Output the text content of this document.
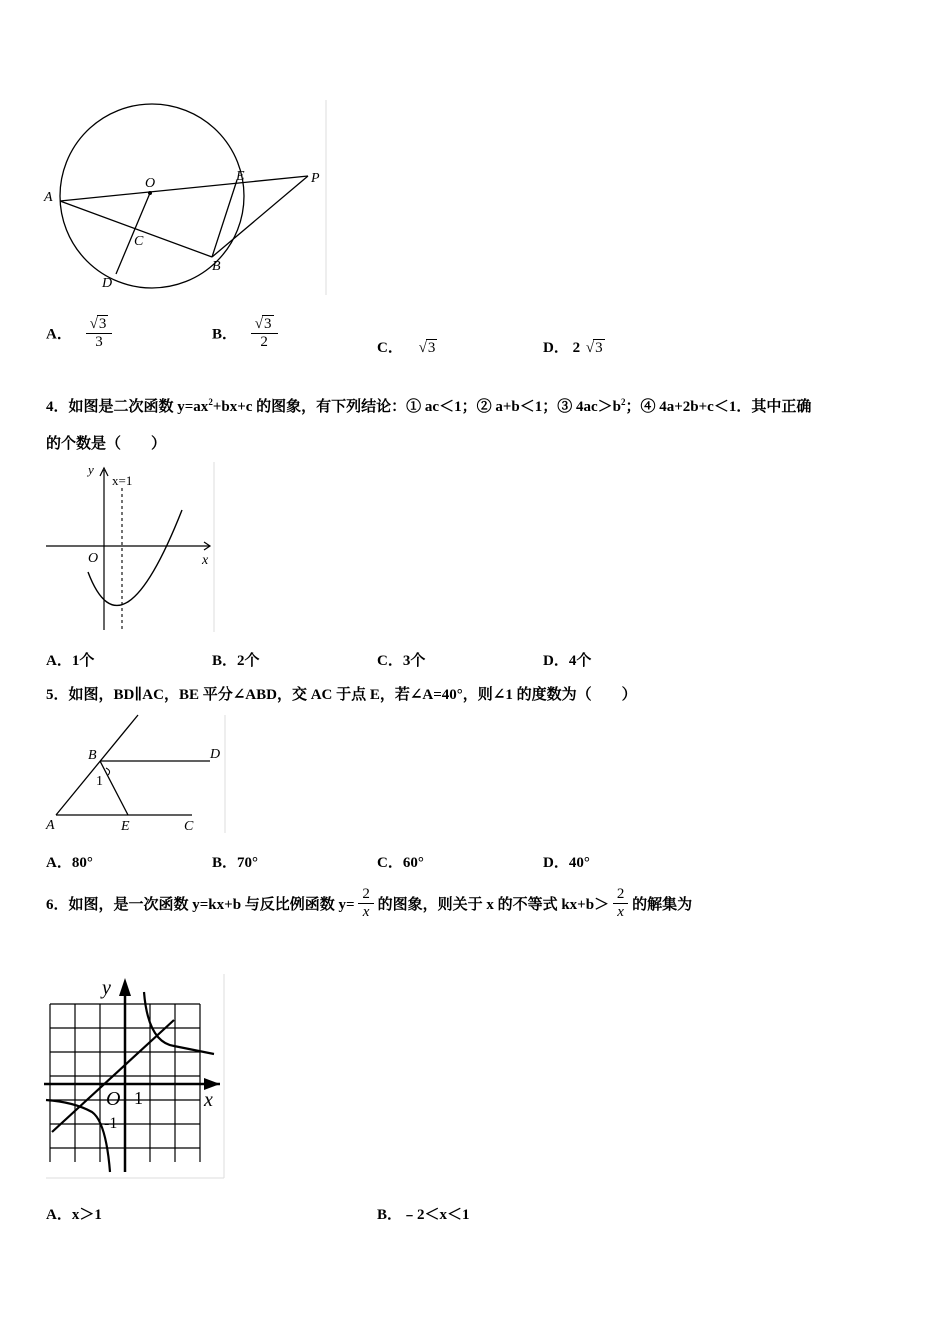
O	E	P
A
C
B
D
A． $\frac{√3}{3}$	B． $\frac{√3}{2}$	C． √3	D． 2 √3
4．如图是二次函数 $y=ax^2+bx+c$ 的图象，有下列结论：① ac＜1；② a+b＜1；③ $4ac>b^2$；④ 4a+2b+c＜1．其中正确
的个数是（　　）
y
x=1
O	x
A．1个	B．2个	C．3个	D．4个
5．如图，BD∥AC，BE 平分∠ABD，交 AC 于点 E，若∠A=40°，则∠1 的度数为（　　）
B	D
1
A	E	C
A．80°	B．70°	C．60°	D．40°
6．如图，是一次函数 y=kx+b 与反比例函数 $y= \frac{2}{x}$ 的图象，则关于 x 的不等式 $kx+b> \frac{2}{x}$ 的解集为
y
O 1
-1
x
A．x＞1	B．﹣2＜x＜1
